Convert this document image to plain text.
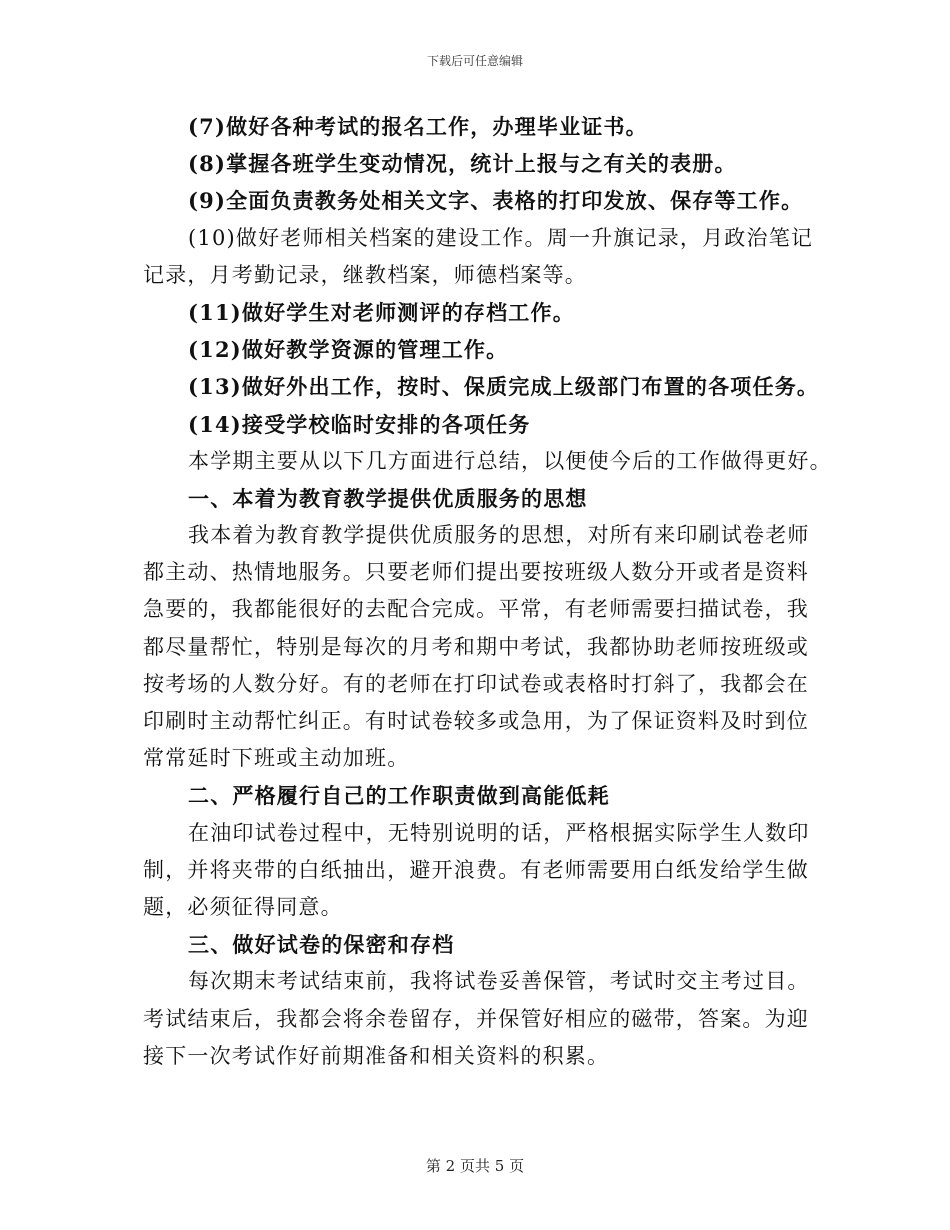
下载后可任意编辑
(7)做好各种考试的报名工作，办理毕业证书。
(8)掌握各班学生变动情况，统计上报与之有关的表册。
(9)全面负责教务处相关文字、表格的打印发放、保存等工作。
(10)做好老师相关档案的建设工作。周一升旗记录，月政治笔记
记录，月考勤记录，继教档案，师德档案等。
(11)做好学生对老师测评的存档工作。
(12)做好教学资源的管理工作。
(13)做好外出工作，按时、保质完成上级部门布置的各项任务。
(14)接受学校临时安排的各项任务
本学期主要从以下几方面进行总结，以便使今后的工作做得更好。
一、本着为教育教学提供优质服务的思想
我本着为教育教学提供优质服务的思想，对所有来印刷试卷老师
都主动、热情地服务。只要老师们提出要按班级人数分开或者是资料
急要的，我都能很好的去配合完成。平常，有老师需要扫描试卷，我
都尽量帮忙，特别是每次的月考和期中考试，我都协助老师按班级或
按考场的人数分好。有的老师在打印试卷或表格时打斜了，我都会在
印刷时主动帮忙纠正。有时试卷较多或急用，为了保证资料及时到位
常常延时下班或主动加班。
二、严格履行自己的工作职责做到高能低耗
在油印试卷过程中，无特别说明的话，严格根据实际学生人数印
制，并将夹带的白纸抽出，避开浪费。有老师需要用白纸发给学生做
题，必须征得同意。
三、做好试卷的保密和存档
每次期末考试结束前，我将试卷妥善保管，考试时交主考过目。
考试结束后，我都会将余卷留存，并保管好相应的磁带，答案。为迎
接下一次考试作好前期准备和相关资料的积累。
第 2 页共 5 页
